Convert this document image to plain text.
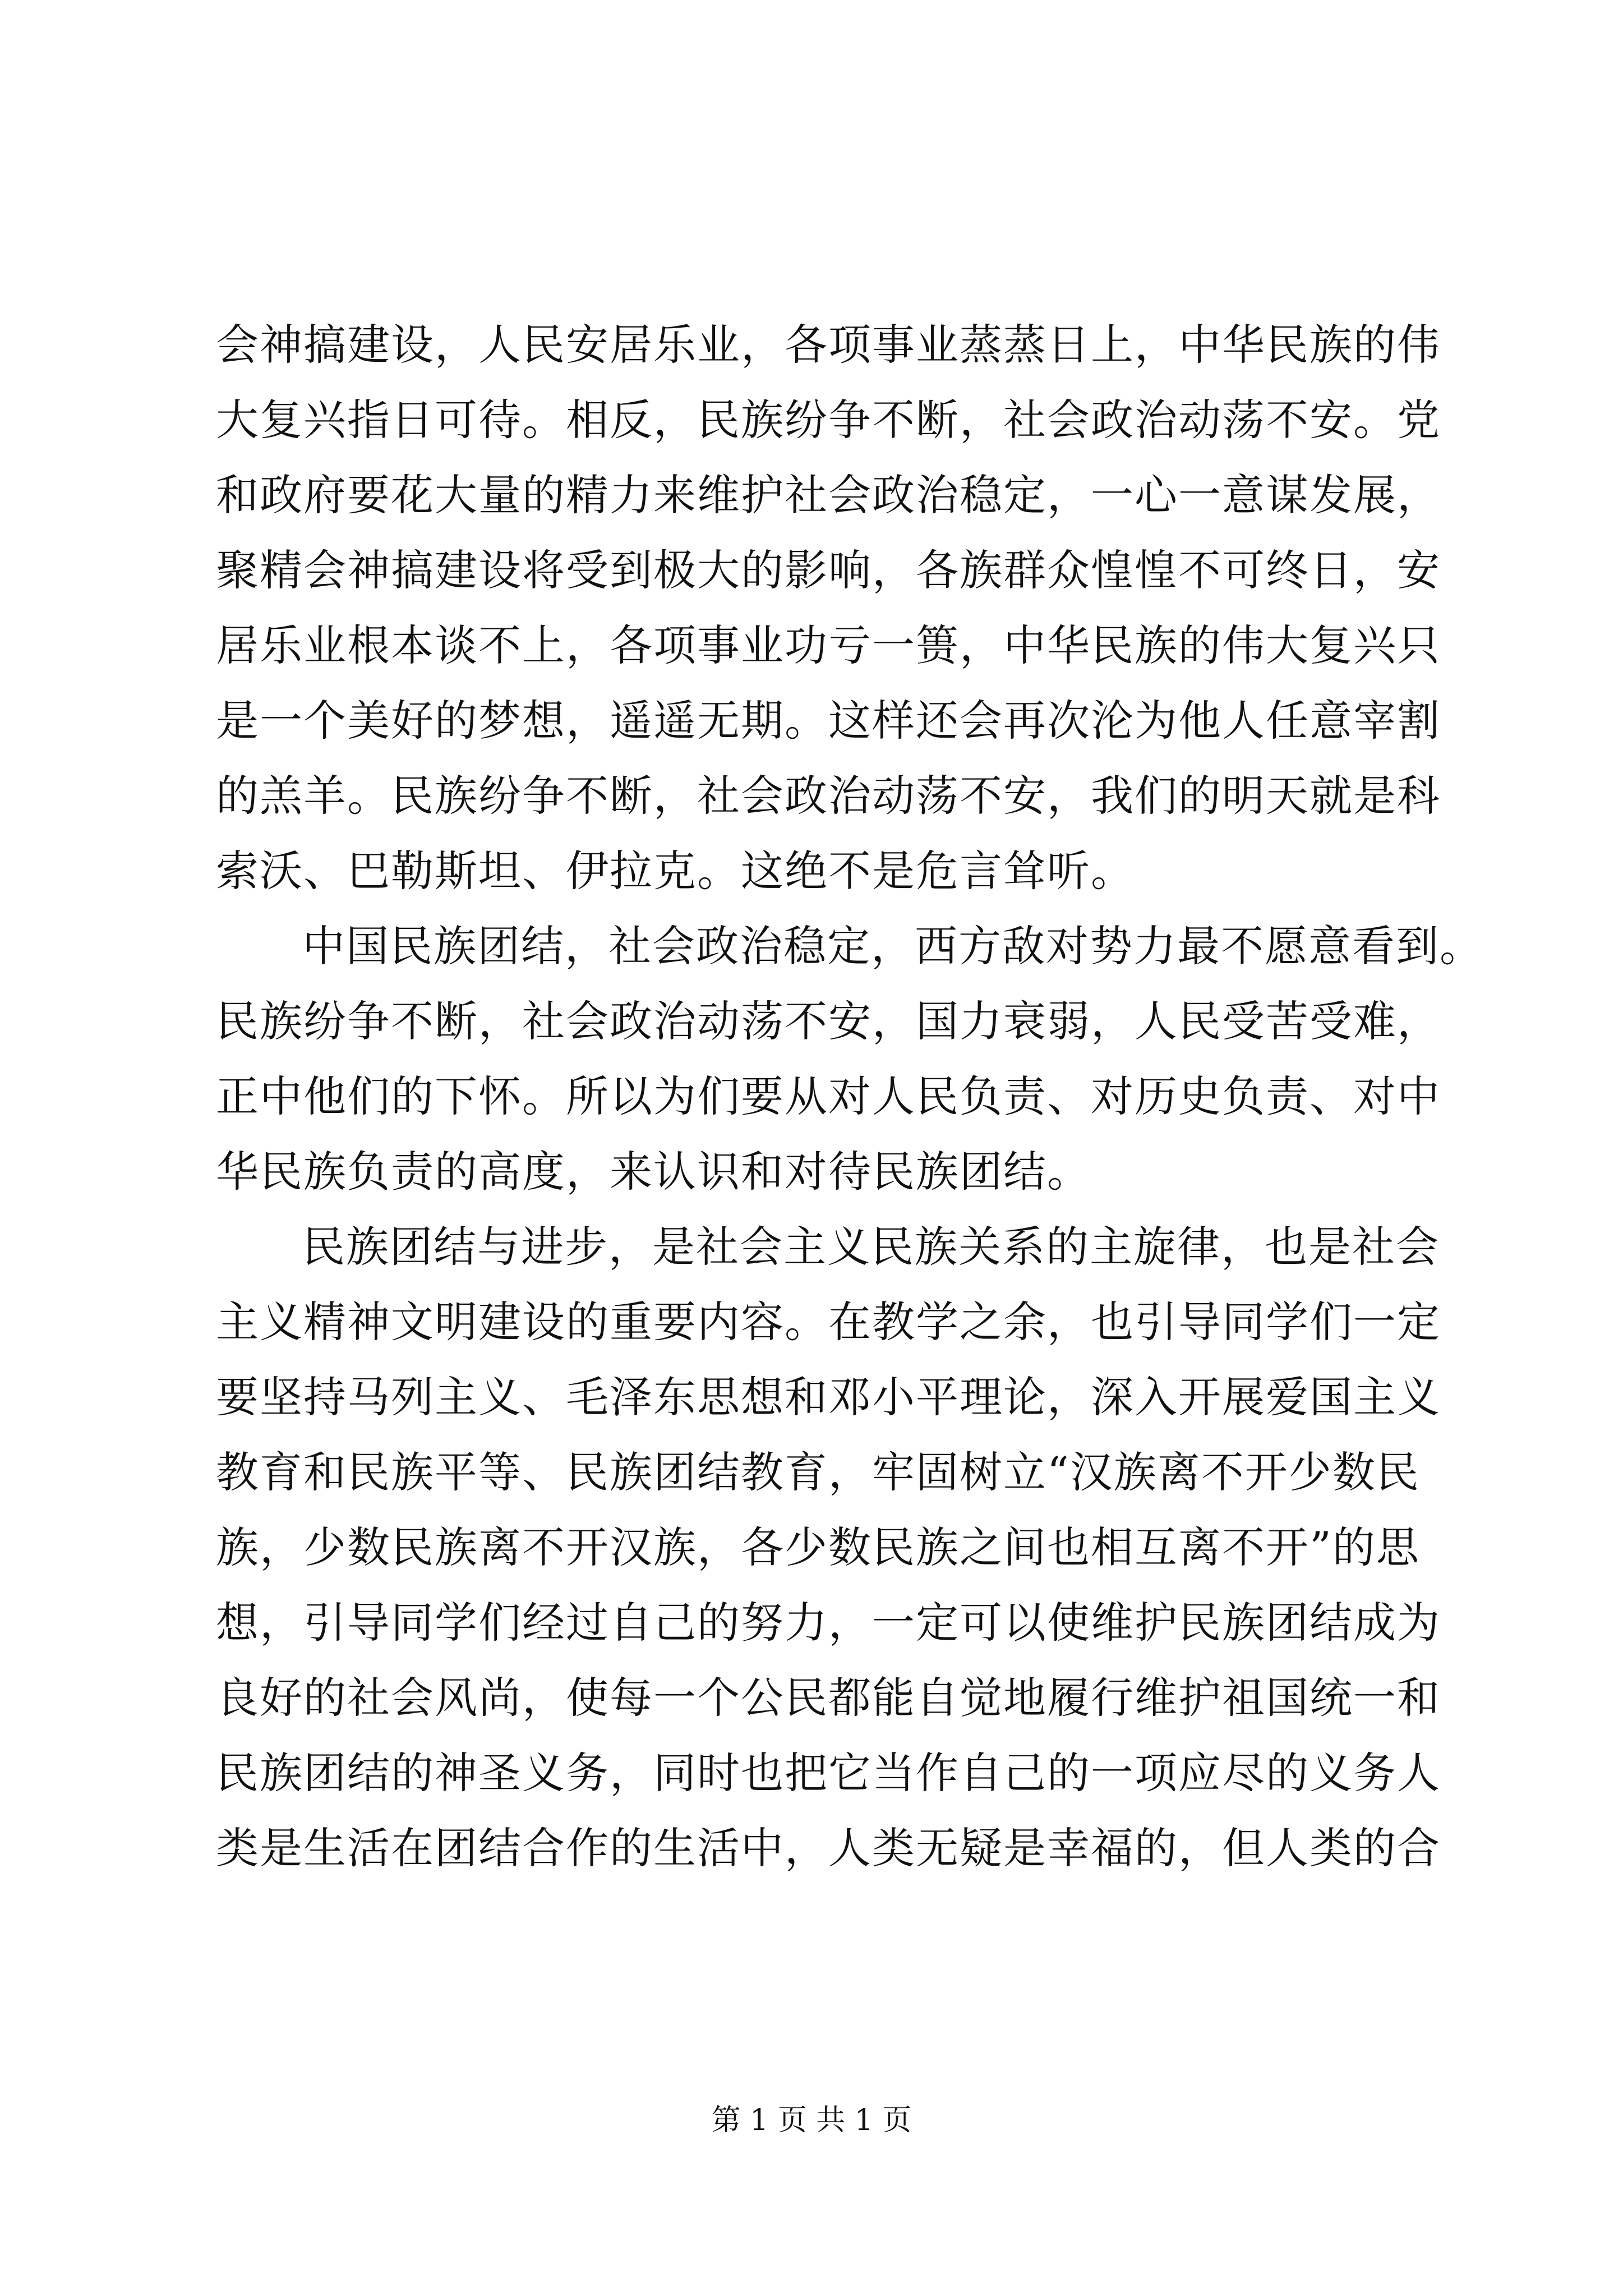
会神搞建设，人民安居乐业，各项事业蒸蒸日上，中华民族的伟
大复兴指日可待。相反，民族纷争不断，社会政治动荡不安。党
和政府要花大量的精力来维护社会政治稳定，一心一意谋发展，
聚精会神搞建设将受到极大的影响，各族群众惶惶不可终日，安
居乐业根本谈不上，各项事业功亏一篑，中华民族的伟大复兴只
是一个美好的梦想，遥遥无期。这样还会再次沦为他人任意宰割
的羔羊。民族纷争不断，社会政治动荡不安，我们的明天就是科
索沃、巴勒斯坦、伊拉克。这绝不是危言耸听。
中国民族团结，社会政治稳定，西方敌对势力最不愿意看到。
民族纷争不断，社会政治动荡不安，国力衰弱，人民受苦受难，
正中他们的下怀。所以为们要从对人民负责、对历史负责、对中
华民族负责的高度，来认识和对待民族团结。
民族团结与进步，是社会主义民族关系的主旋律，也是社会
主义精神文明建设的重要内容。在教学之余，也引导同学们一定
要坚持马列主义、毛泽东思想和邓小平理论，深入开展爱国主义
教育和民族平等、民族团结教育，牢固树立“汉族离不开少数民
族，少数民族离不开汉族，各少数民族之间也相互离不开”的思
想，引导同学们经过自己的努力，一定可以使维护民族团结成为
良好的社会风尚，使每一个公民都能自觉地履行维护祖国统一和
民族团结的神圣义务，同时也把它当作自己的一项应尽的义务人
类是生活在团结合作的生活中，人类无疑是幸福的，但人类的合
第 1 页 共 1 页
